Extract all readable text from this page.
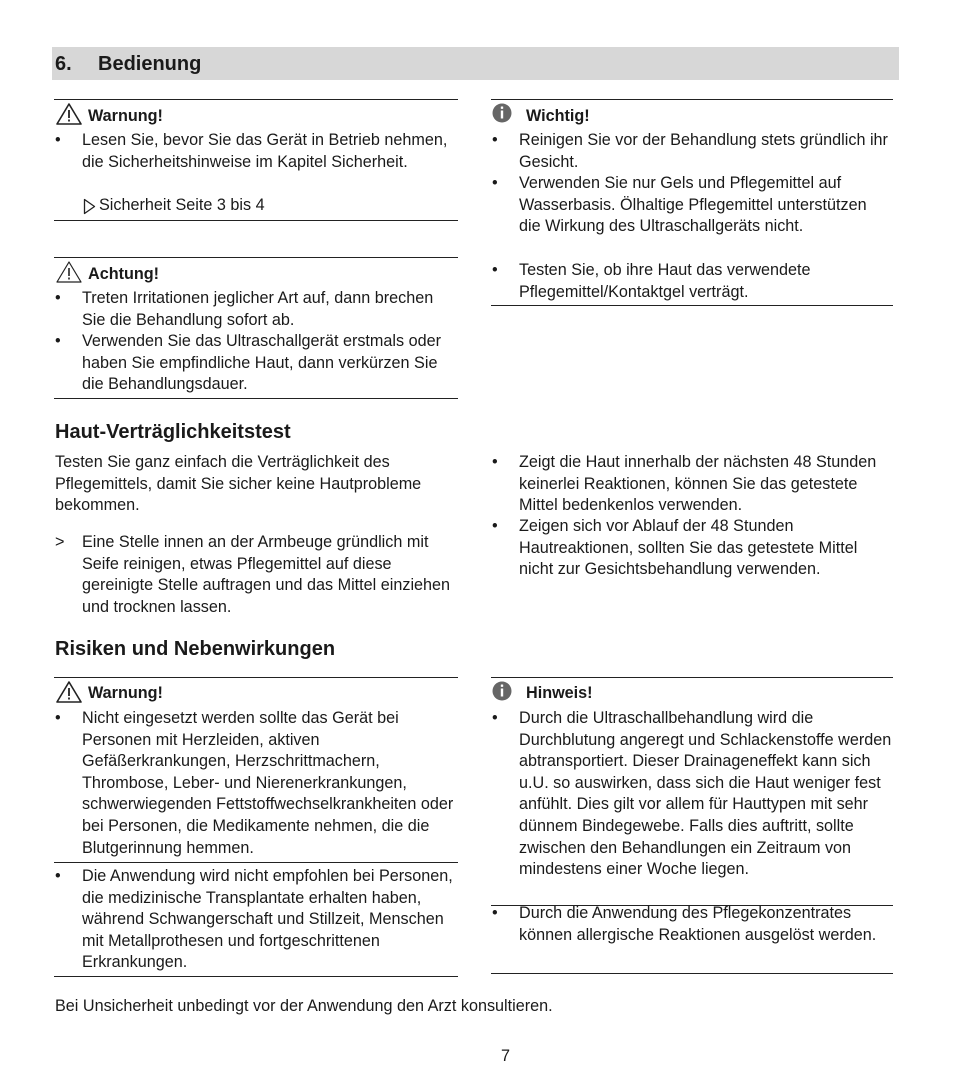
6. Bedienung
Warnung!
• Lesen Sie, bevor Sie das Gerät in Betrieb nehmen, die Sicherheitshinweise im Kapitel Sicherheit.
Sicherheit Seite 3 bis 4
Achtung!
• Treten Irritationen jeglicher Art auf, dann brechen Sie die Behandlung sofort ab.
• Verwenden Sie das Ultraschallgerät erstmals oder haben Sie empfindliche Haut, dann verkürzen Sie die Behandlungsdauer.
Wichtig!
• Reinigen Sie vor der Behandlung stets gründlich ihr Gesicht.
• Verwenden Sie nur Gels und Pflegemittel auf Wasserbasis. Ölhaltige Pflegemittel unterstützen die Wirkung des Ultraschallgeräts nicht.
• Testen Sie, ob ihre Haut das verwendete Pflegemittel/Kontaktgel verträgt.
Haut-Verträglichkeitstest
Testen Sie ganz einfach die Verträglichkeit des Pflegemittels, damit Sie sicher keine Hautprobleme bekommen.
> Eine Stelle innen an der Armbeuge gründlich mit Seife reinigen, etwas Pflegemittel auf diese gereinigte Stelle auftragen und das Mittel einziehen und trocknen lassen.
• Zeigt die Haut innerhalb der nächsten 48 Stunden keinerlei Reaktionen, können Sie das getestete Mittel bedenkenlos verwenden.
• Zeigen sich vor Ablauf der 48 Stunden Hautreaktionen, sollten Sie das getestete Mittel nicht zur Gesichtsbehandlung verwenden.
Risiken und Nebenwirkungen
Warnung!
• Nicht eingesetzt werden sollte das Gerät bei Personen mit Herzleiden, aktiven Gefäßerkrankungen, Herzschrittmachern, Thrombose, Leber- und Nierenerkrankungen, schwerwiegenden Fettstoffwechselkrankheiten oder bei Personen, die Medikamente nehmen, die die Blutgerinnung hemmen.
• Die Anwendung wird nicht empfohlen bei Personen, die medizinische Transplantate erhalten haben, während Schwangerschaft und Stillzeit, Menschen mit Metallprothesen und fortgeschrittenen Erkrankungen.
Hinweis!
• Durch die Ultraschallbehandlung wird die Durchblutung angeregt und Schlackenstoffe werden abtransportiert. Dieser Drainageneffekt kann sich u.U. so auswirken, dass sich die Haut weniger fest anfühlt. Dies gilt vor allem für Hauttypen mit sehr dünnem Bindegewebe. Falls dies auftritt, sollte zwischen den Behandlungen ein Zeitraum von mindestens einer Woche liegen.
• Durch die Anwendung des Pflegekonzentrates können allergische Reaktionen ausgelöst werden.
Bei Unsicherheit unbedingt vor der Anwendung den Arzt konsultieren.
7
